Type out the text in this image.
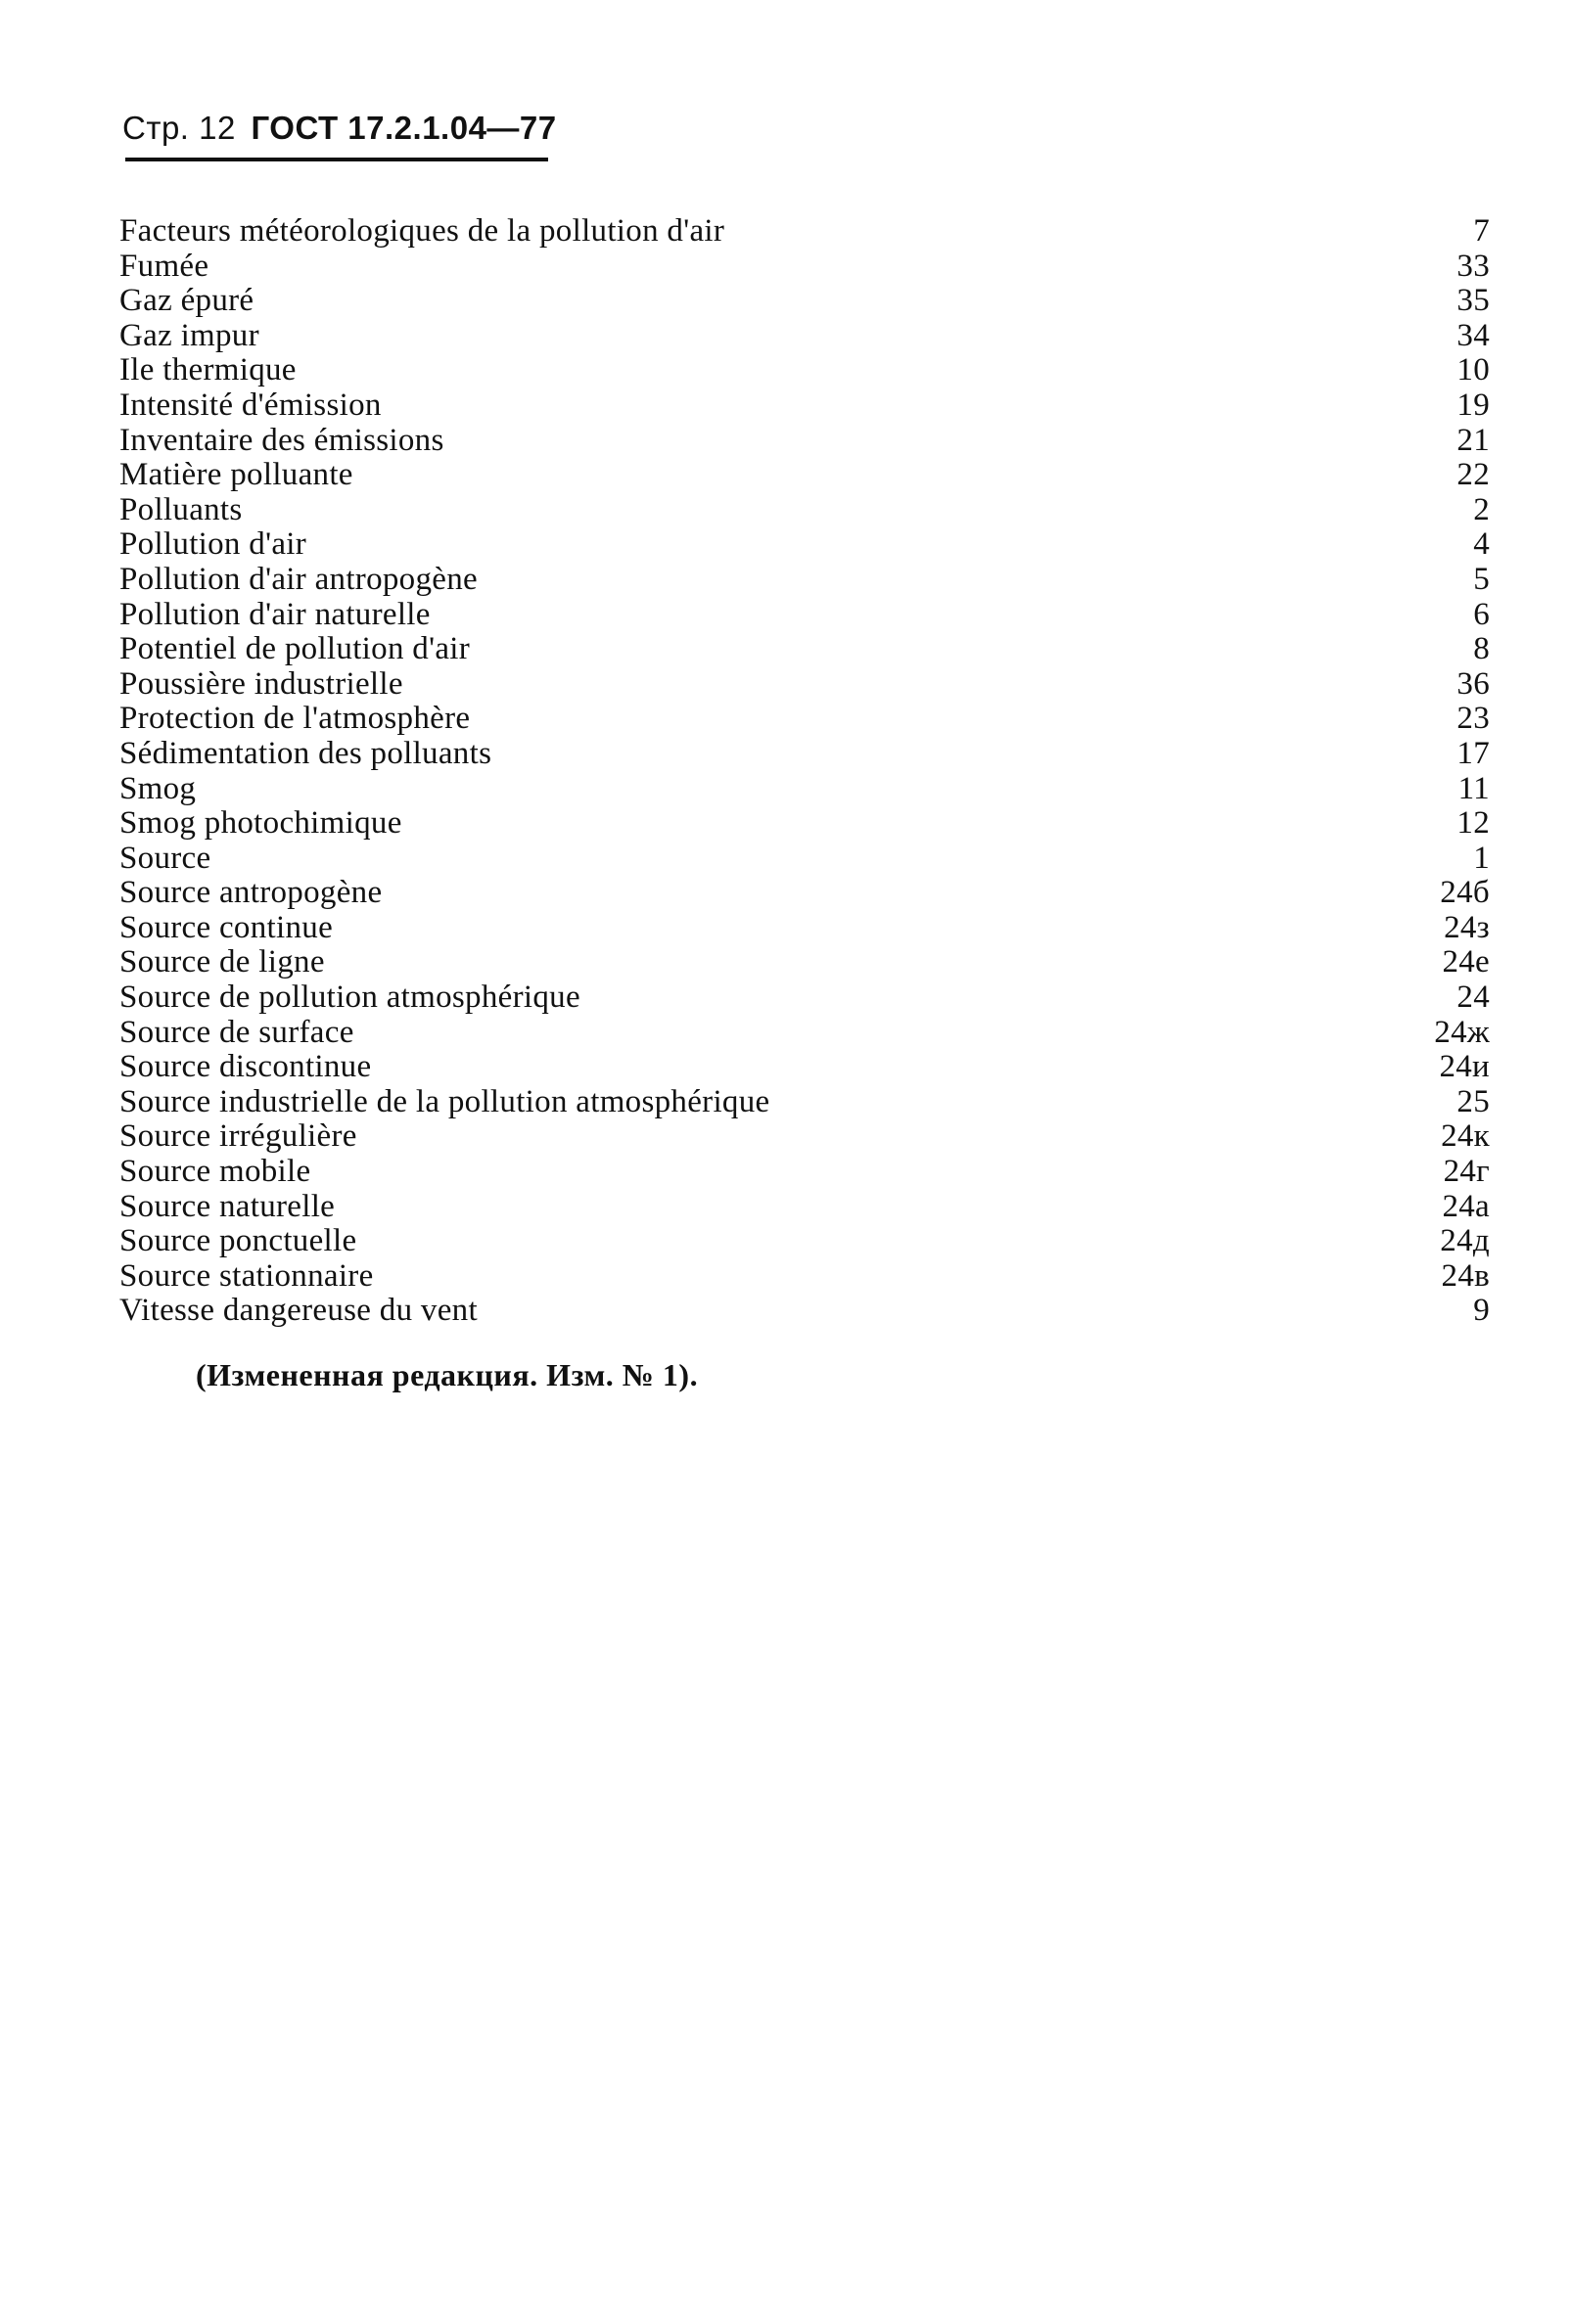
Стр. 12 ГОСТ 17.2.1.04—77
Facteurs météorologiques de la pollution d'air	7
Fumée	33
Gaz épuré	35
Gaz impur	34
Ile thermique	10
Intensité d'émission	19
Inventaire des émissions	21
Matière polluante	22
Polluants	2
Pollution d'air	4
Pollution d'air antropogène	5
Pollution d'air naturelle	6
Potentiel de pollution d'air	8
Poussière industrielle	36
Protection de l'atmosphère	23
Sédimentation des polluants	17
Smog	11
Smog photochimique	12
Source	1
Source antropogène	24б
Source continue	24з
Source de ligne	24е
Source de pollution atmosphérique	24
Source de surface	24ж
Source discontinue	24и
Source industrielle de la pollution atmosphérique	25
Source irrégulière	24к
Source mobile	24г
Source naturelle	24а
Source ponctuelle	24д
Source stationnaire	24в
Vitesse dangereuse du vent	9
(Измененная редакция. Изм. № 1).
